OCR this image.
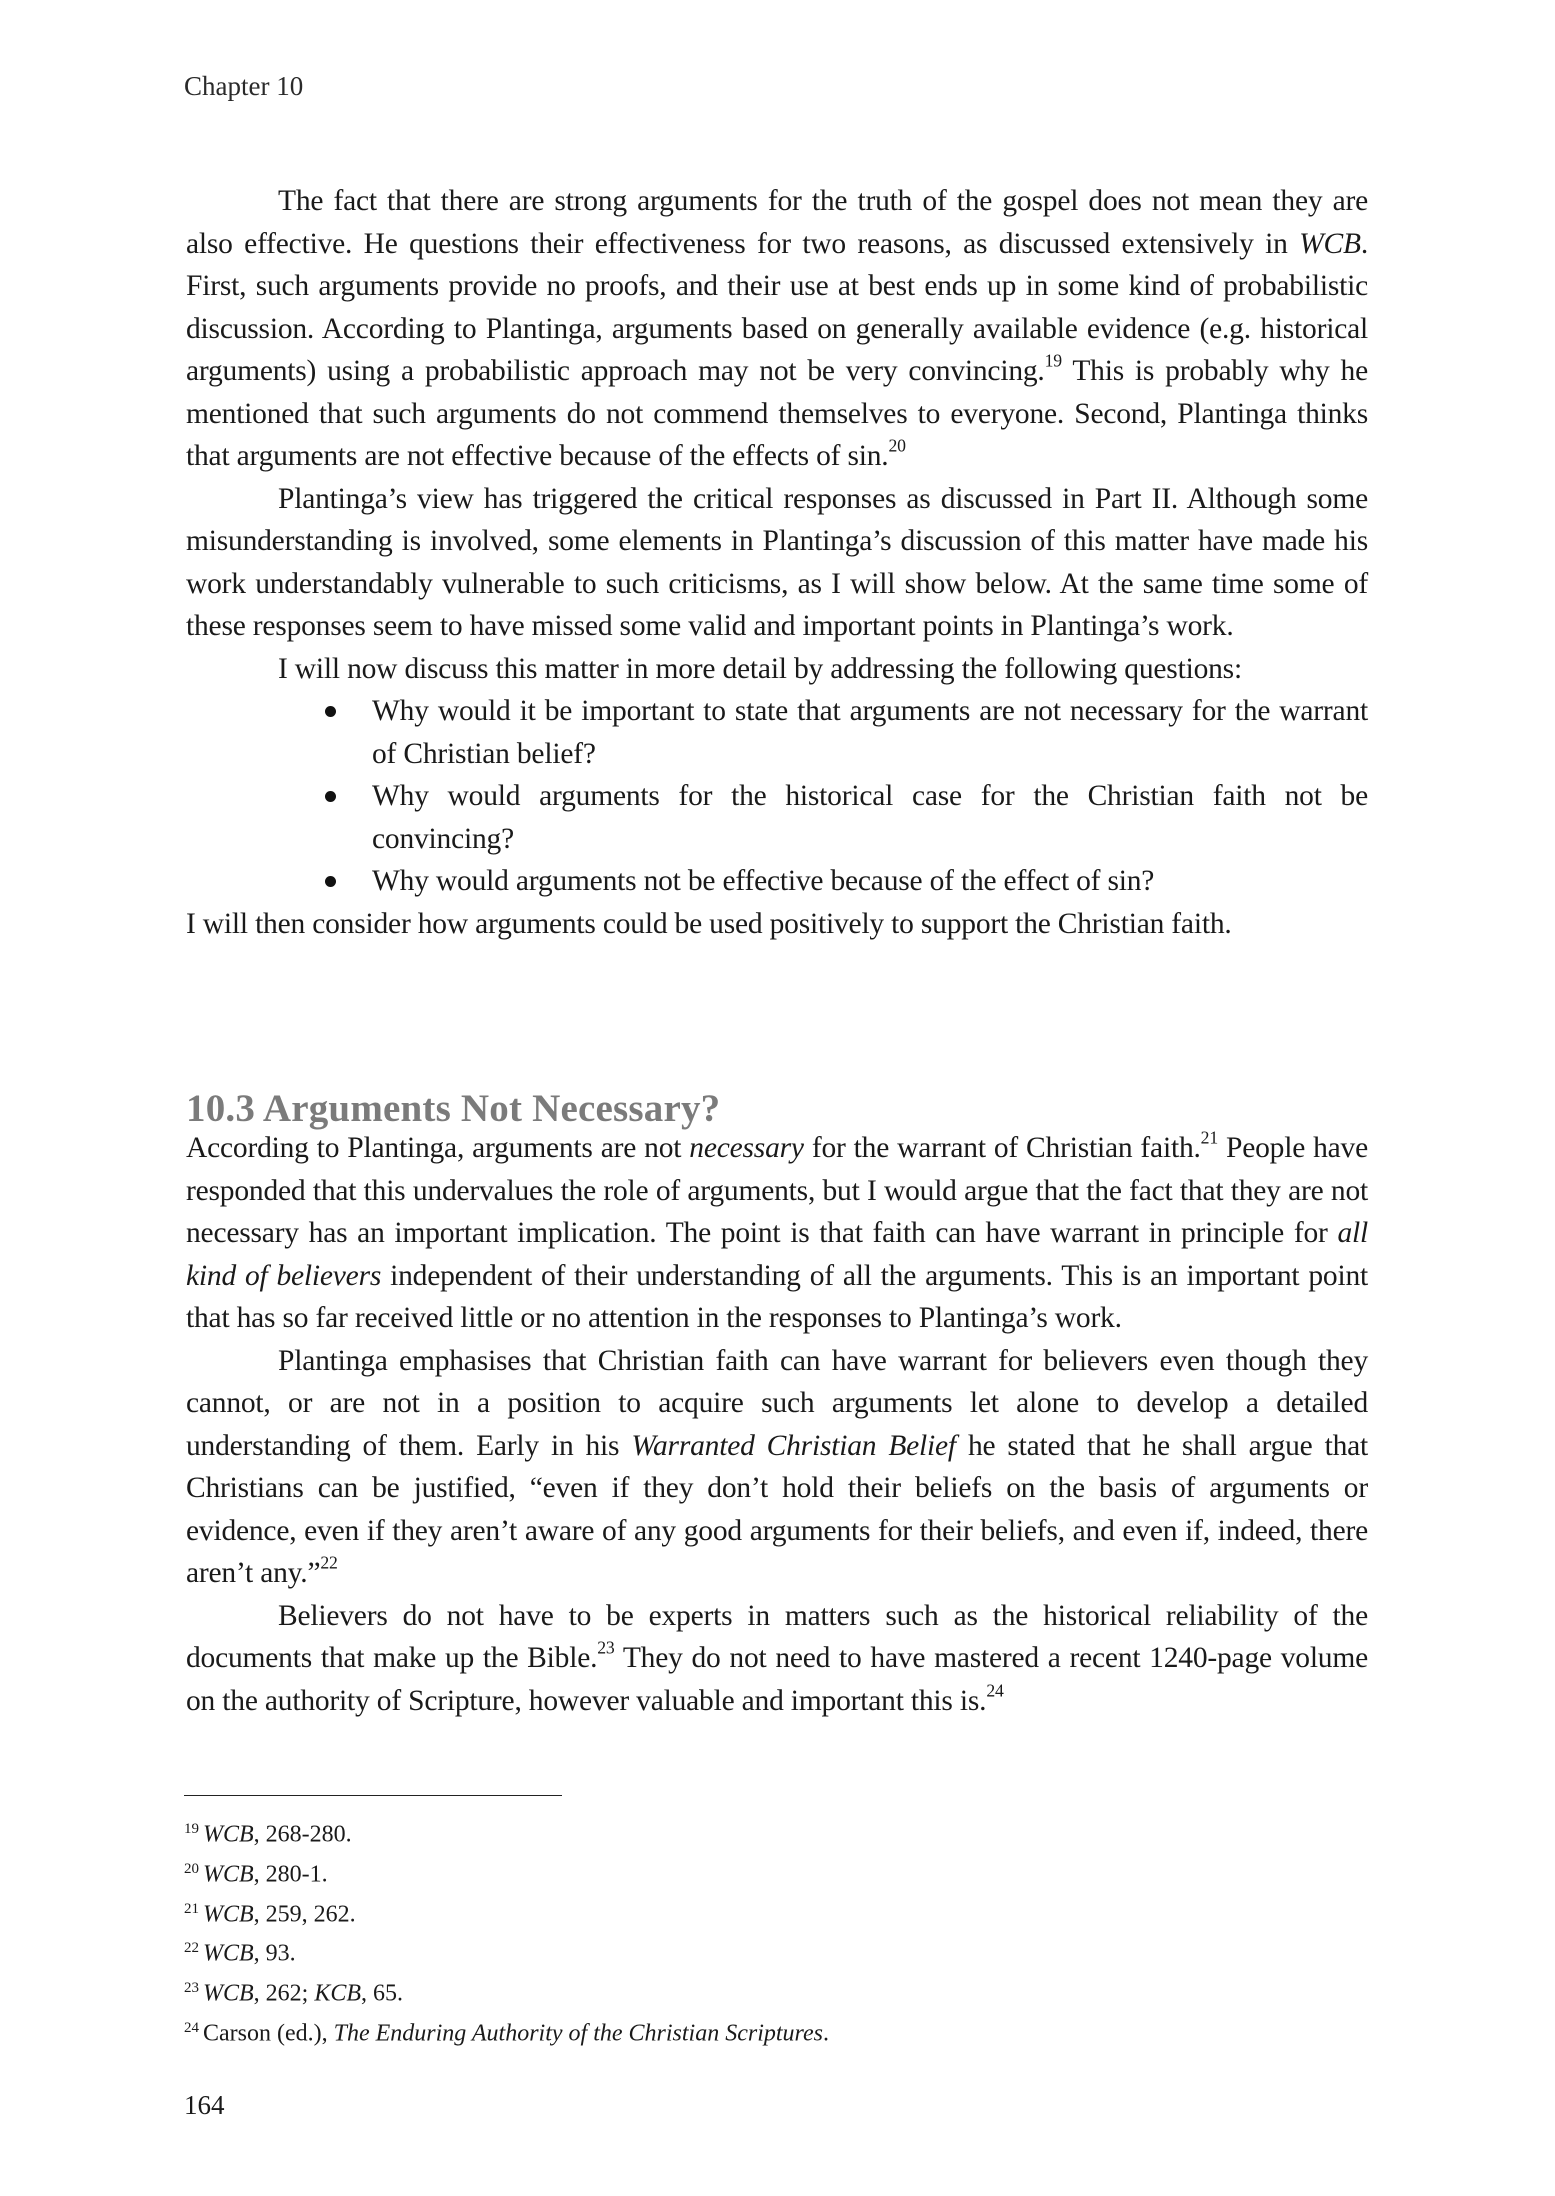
Chapter 10

The fact that there are strong arguments for the truth of the gospel does not mean they are also effective. He questions their effectiveness for two reasons, as discussed extensively in WCB. First, such arguments provide no proofs, and their use at best ends up in some kind of probabilistic discussion. According to Plantinga, arguments based on generally available evidence (e.g. historical arguments) using a probabilistic approach may not be very convincing.$^{19}$ This is probably why he mentioned that such arguments do not commend themselves to everyone. Second, Plantinga thinks that arguments are not effective because of the effects of sin.$^{20}$

Plantinga’s view has triggered the critical responses as discussed in Part II. Although some misunderstanding is involved, some elements in Plantinga’s discussion of this matter have made his work understandably vulnerable to such criticisms, as I will show below. At the same time some of these responses seem to have missed some valid and important points in Plantinga’s work.

I will now discuss this matter in more detail by addressing the following questions:

Why would it be important to state that arguments are not necessary for the warrant of Christian belief?
Why would arguments for the historical case for the Christian faith not be convincing?
Why would arguments not be effective because of the effect of sin?

I will then consider how arguments could be used positively to support the Christian faith.

10.3 Arguments Not Necessary?

According to Plantinga, arguments are not necessary for the warrant of Christian faith.$^{21}$ People have responded that this undervalues the role of arguments, but I would argue that the fact that they are not necessary has an important implication. The point is that faith can have warrant in principle for all kind of believers independent of their understanding of all the arguments. This is an important point that has so far received little or no attention in the responses to Plantinga’s work.

Plantinga emphasises that Christian faith can have warrant for believers even though they cannot, or are not in a position to acquire such arguments let alone to develop a detailed understanding of them. Early in his Warranted Christian Belief he stated that he shall argue that Christians can be justified, “even if they don’t hold their beliefs on the basis of arguments or evidence, even if they aren’t aware of any good arguments for their beliefs, and even if, indeed, there aren’t any.”$^{22}$

Believers do not have to be experts in matters such as the historical reliability of the documents that make up the Bible.$^{23}$ They do not need to have mastered a recent 1240-page volume on the authority of Scripture, however valuable and important this is.$^{24}$

$^{19}$ WCB, 268-280.
$^{20}$ WCB, 280-1.
$^{21}$ WCB, 259, 262.
$^{22}$ WCB, 93.
$^{23}$ WCB, 262; KCB, 65.
$^{24}$ Carson (ed.), The Enduring Authority of the Christian Scriptures.
164
